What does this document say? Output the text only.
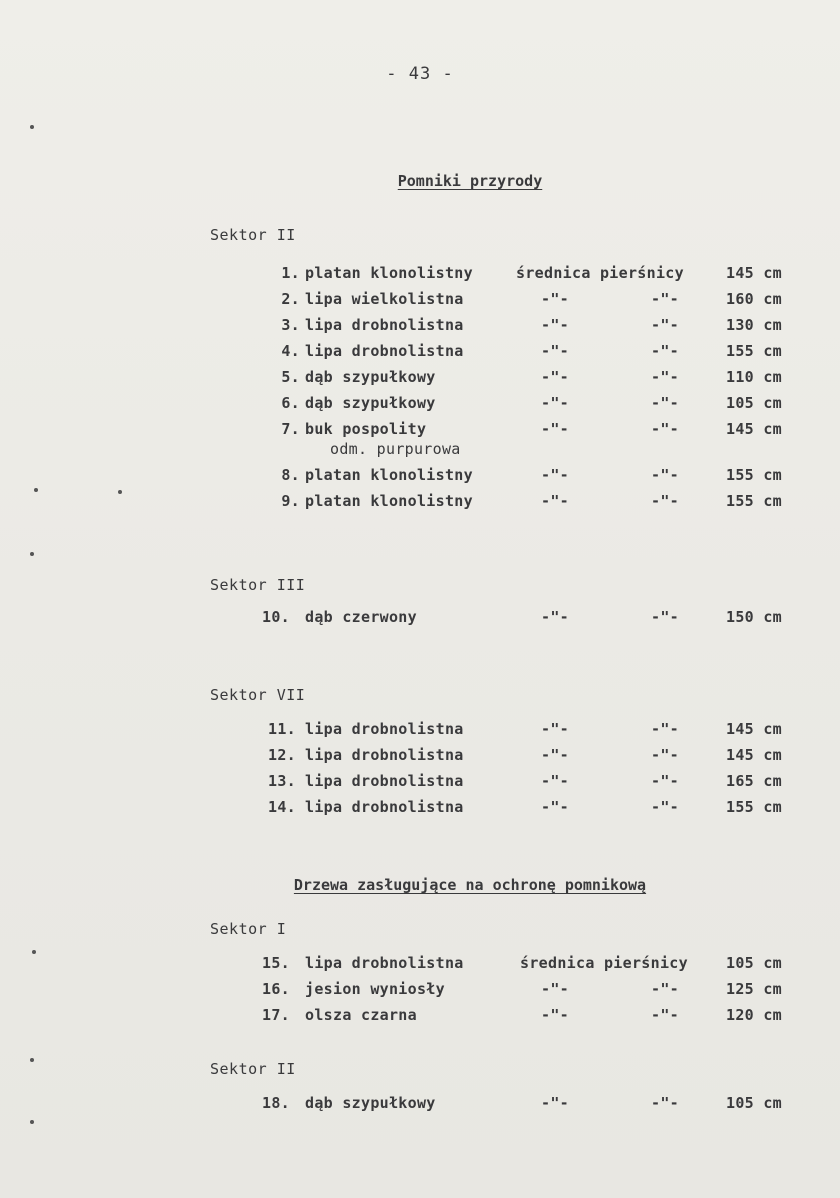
- 43 -
Pomniki przyrody
Sektor II
1. platan klonolistny	średnica pierśnicy	145 cm
2. lipa wielkolistna	-"-	-"-	160 cm
3. lipa drobnolistna	-"-	-"-	130 cm
4. lipa drobnolistna	-"-	-"-	155 cm
5. dąb szypułkowy	-"-	-"-	110 cm
6. dąb szypułkowy	-"-	-"-	105 cm
7. buk pospolity	-"-	-"-	145 cm
odm. purpurowa
8. platan klonolistny	-"-	-"-	155 cm
9. platan klonolistny	-"-	-"-	155 cm
Sektor III
10. dąb czerwony	-"-	-"-	150 cm
Sektor VII
11. lipa drobnolistna	-"-	-"-	145 cm
12. lipa drobnolistna	-"-	-"-	145 cm
13. lipa drobnolistna	-"-	-"-	165 cm
14. lipa drobnolistna	-"-	-"-	155 cm
Drzewa zasługujące na ochronę pomnikową
Sektor I
15. lipa drobnolistna	średnica pierśnicy	105 cm
16. jesion wyniosły	-"-	-"-	125 cm
17. olsza czarna	-"-	-"-	120 cm
Sektor II
18. dąb szypułkowy	-"-	-"-	105 cm
